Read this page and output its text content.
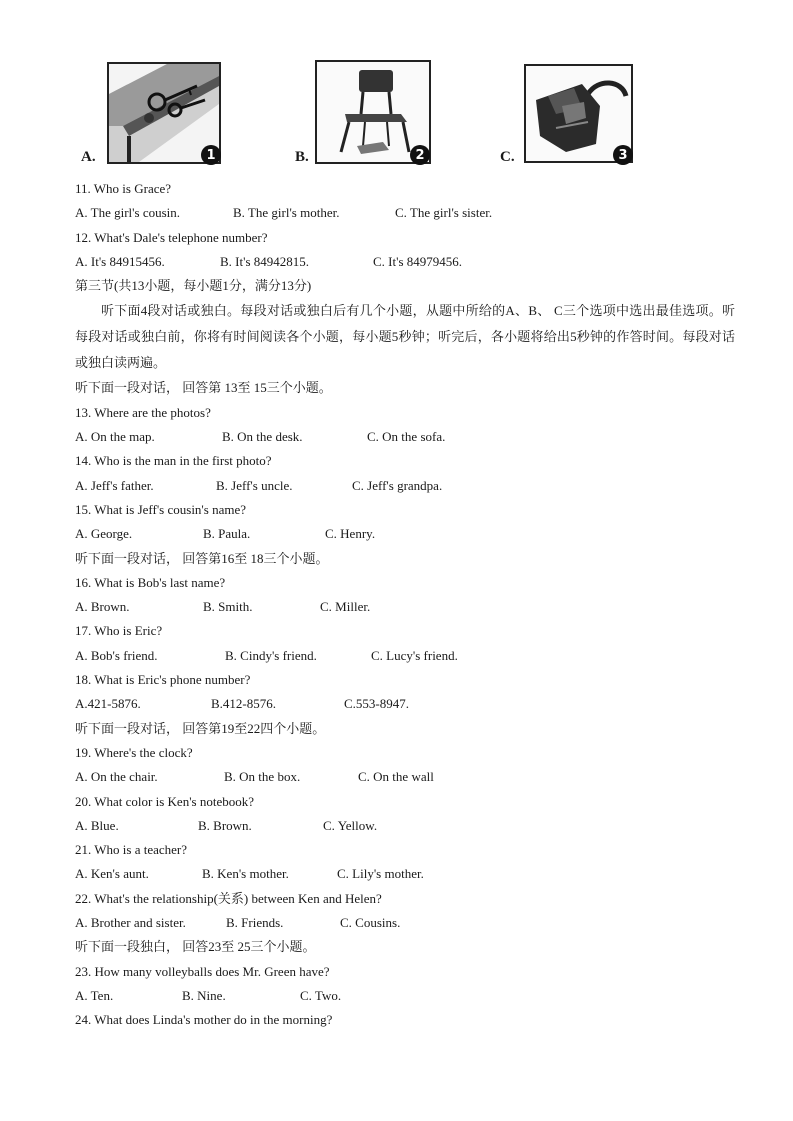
A.	1	B.	2	C.	3
11. Who is Grace?
A. The girl's cousin.	B. The girl's mother.	C. The girl's sister.
12. What's Dale's telephone number?
A. It's 84915456.	B. It's 84942815.	C. It's 84979456.
第三节(共13小题，每小题1分，满分13分)
听下面4段对话或独白。每段对话或独白后有几个小题，从题中所给的A、B、 C三个选项中选出最佳选项。听每段对话或独白前，你将有时间阅读各个小题，每小题5秒钟；听完后，各小题将给出5秒钟的作答时间。每段对话或独白读两遍。
听下面一段对话， 回答第 13至 15三个小题。
13. Where are the photos?
A. On the map.	B. On the desk.	C. On the sofa.
14. Who is the man in the first photo?
A. Jeff's father.	B. Jeff's uncle.	C. Jeff's grandpa.
15. What is Jeff's cousin's name?
A. George.	B. Paula.	C. Henry.
听下面一段对话， 回答第16至 18三个小题。
16. What is Bob's last name?
A. Brown.	B. Smith.	C. Miller.
17. Who is Eric?
A. Bob's friend.	B. Cindy's friend.	C. Lucy's friend.
18. What is Eric's phone number?
A.421-5876.	B.412-8576.	C.553-8947.
听下面一段对话， 回答第19至22四个小题。
19. Where's the clock?
A. On the chair.	B. On the box.	C. On the wall
20. What color is Ken's notebook?
A. Blue.	B. Brown.	C. Yellow.
21. Who is a teacher?
A. Ken's aunt.	B. Ken's mother.	C. Lily's mother.
22. What's the relationship(关系) between Ken and Helen?
A. Brother and sister.	B. Friends.	C. Cousins.
听下面一段独白， 回答23至 25三个小题。
23. How many volleyballs does Mr. Green have?
A. Ten.	B. Nine.	C. Two.
24. What does Linda's mother do in the morning?
